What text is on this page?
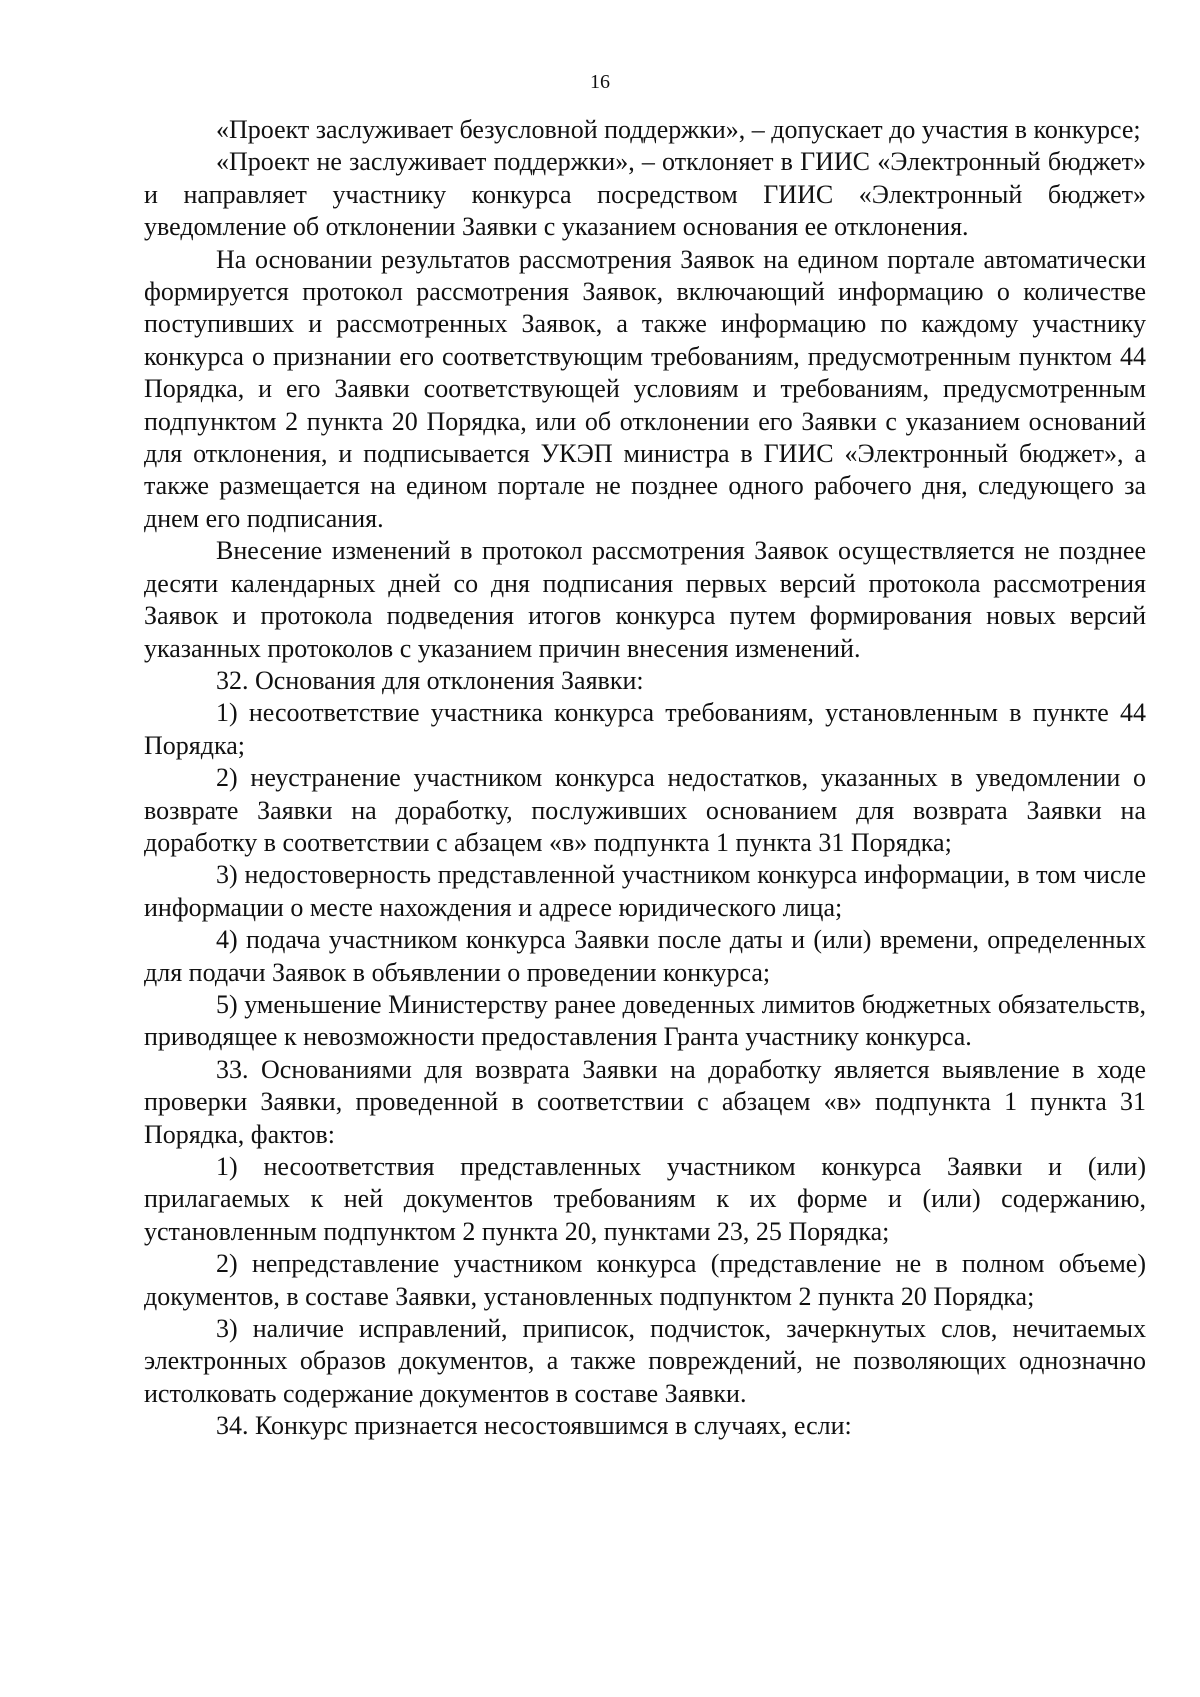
16

«Проект заслуживает безусловной поддержки», – допускает до участия в конкурсе;

«Проект не заслуживает поддержки», – отклоняет в ГИИС «Электронный бюджет» и направляет участнику конкурса посредством ГИИС «Электронный бюджет» уведомление об отклонении Заявки с указанием основания ее отклонения.

На основании результатов рассмотрения Заявок на едином портале автоматически формируется протокол рассмотрения Заявок, включающий информацию о количестве поступивших и рассмотренных Заявок, а также информацию по каждому участнику конкурса о признании его соответствующим требованиям, предусмотренным пунктом 44 Порядка, и его Заявки соответствующей условиям и требованиям, предусмотренным подпунктом 2 пункта 20 Порядка, или об отклонении его Заявки с указанием оснований для отклонения, и подписывается УКЭП министра в ГИИС «Электронный бюджет», а также размещается на едином портале не позднее одного рабочего дня, следующего за днем его подписания.

Внесение изменений в протокол рассмотрения Заявок осуществляется не позднее десяти календарных дней со дня подписания первых версий протокола рассмотрения Заявок и протокола подведения итогов конкурса путем формирования новых версий указанных протоколов с указанием причин внесения изменений.

32. Основания для отклонения Заявки:

1) несоответствие участника конкурса требованиям, установленным в пункте 44 Порядка;

2) неустранение участником конкурса недостатков, указанных в уведомлении о возврате Заявки на доработку, послуживших основанием для возврата Заявки на доработку в соответствии с абзацем «в» подпункта 1 пункта 31 Порядка;

3) недостоверность представленной участником конкурса информации, в том числе информации о месте нахождения и адресе юридического лица;

4) подача участником конкурса Заявки после даты и (или) времени, определенных для подачи Заявок в объявлении о проведении конкурса;

5) уменьшение Министерству ранее доведенных лимитов бюджетных обязательств, приводящее к невозможности предоставления Гранта участнику конкурса.

33. Основаниями для возврата Заявки на доработку является выявление в ходе проверки Заявки, проведенной в соответствии с абзацем «в» подпункта 1 пункта 31 Порядка, фактов:

1) несоответствия представленных участником конкурса Заявки и (или) прилагаемых к ней документов требованиям к их форме и (или) содержанию, установленным подпунктом 2 пункта 20, пунктами 23, 25 Порядка;

2) непредставление участником конкурса (представление не в полном объеме) документов, в составе Заявки, установленных подпунктом 2 пункта 20 Порядка;

3) наличие исправлений, приписок, подчисток, зачеркнутых слов, нечитаемых электронных образов документов, а также повреждений, не позволяющих однозначно истолковать содержание документов в составе Заявки.

34. Конкурс признается несостоявшимся в случаях, если:
